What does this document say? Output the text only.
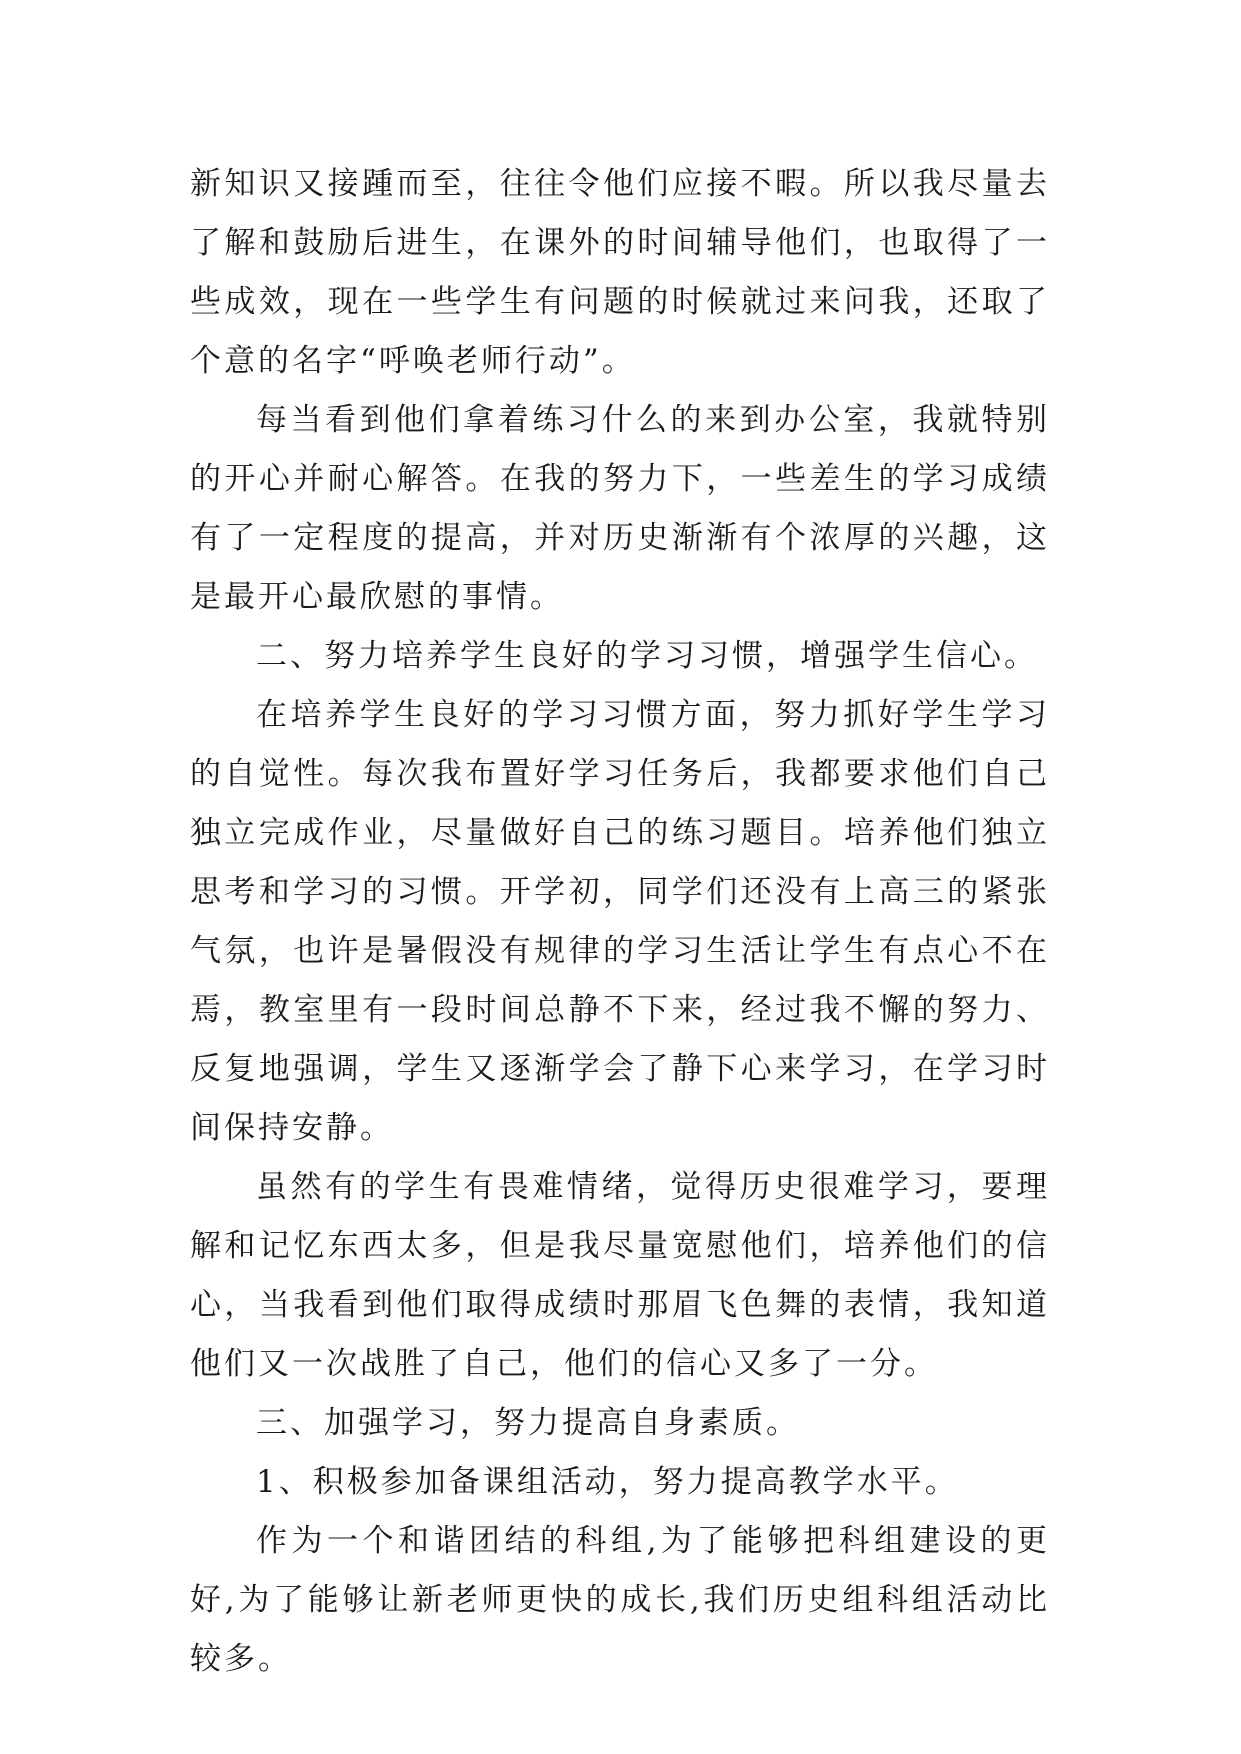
新知识又接踵而至，往往令他们应接不暇。所以我尽量去了解和鼓励后进生，在课外的时间辅导他们，也取得了一些成效，现在一些学生有问题的时候就过来问我，还取了个意的名字“呼唤老师行动”。

每当看到他们拿着练习什么的来到办公室，我就特别的开心并耐心解答。在我的努力下，一些差生的学习成绩有了一定程度的提高，并对历史渐渐有个浓厚的兴趣，这是最开心最欣慰的事情。

二、努力培养学生良好的学习习惯，增强学生信心。

在培养学生良好的学习习惯方面，努力抓好学生学习的自觉性。每次我布置好学习任务后，我都要求他们自己独立完成作业，尽量做好自己的练习题目。培养他们独立思考和学习的习惯。开学初，同学们还没有上高三的紧张气氛，也许是暑假没有规律的学习生活让学生有点心不在焉，教室里有一段时间总静不下来，经过我不懈的努力、反复地强调，学生又逐渐学会了静下心来学习，在学习时间保持安静。

虽然有的学生有畏难情绪，觉得历史很难学习，要理解和记忆东西太多，但是我尽量宽慰他们，培养他们的信心，当我看到他们取得成绩时那眉飞色舞的表情，我知道他们又一次战胜了自己，他们的信心又多了一分。

三、加强学习，努力提高自身素质。

1、积极参加备课组活动，努力提高教学水平。

作为一个和谐团结的科组,为了能够把科组建设的更好,为了能够让新老师更快的成长,我们历史组科组活动比较多。
